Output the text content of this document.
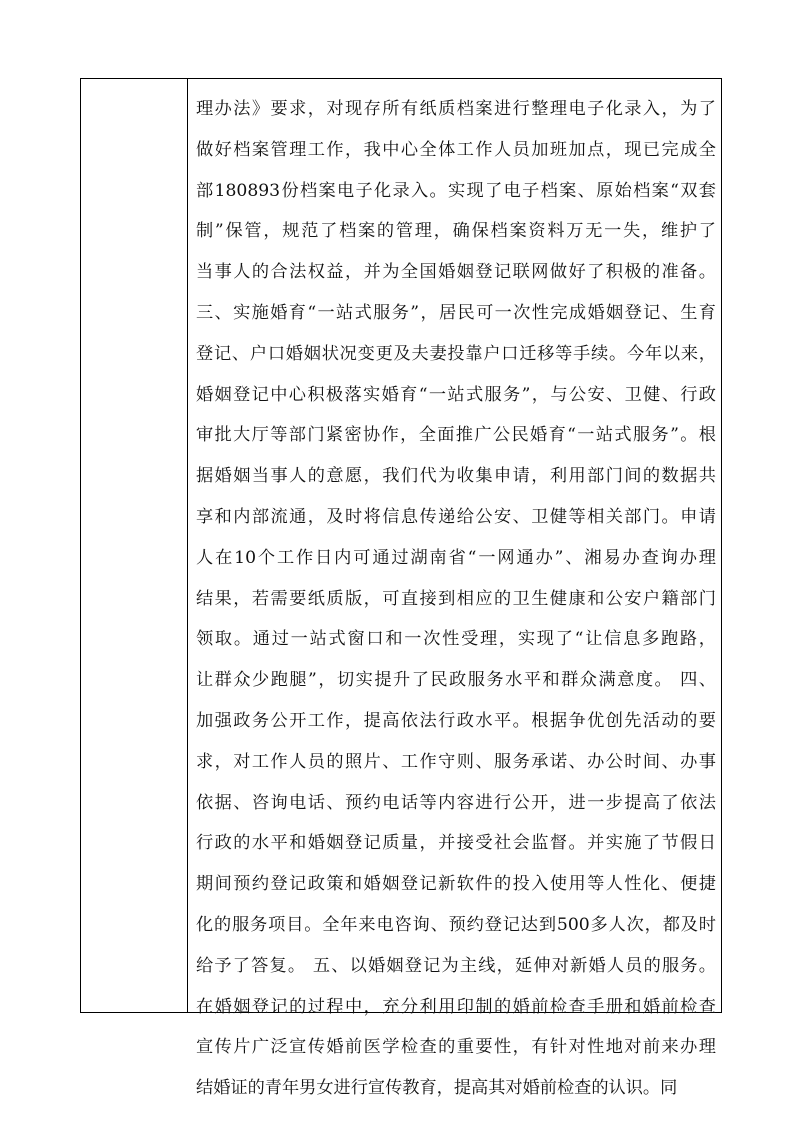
理办法》要求，对现存所有纸质档案进行整理电子化录入，为了
做好档案管理工作，我中心全体工作人员加班加点，现已完成全
部180893份档案电子化录入。实现了电子档案、原始档案“双套
制”保管，规范了档案的管理，确保档案资料万无一失，维护了
当事人的合法权益，并为全国婚姻登记联网做好了积极的准备。
三、实施婚育“一站式服务”，居民可一次性完成婚姻登记、生育
登记、户口婚姻状况变更及夫妻投靠户口迁移等手续。今年以来，
婚姻登记中心积极落实婚育“一站式服务”，与公安、卫健、行政
审批大厅等部门紧密协作，全面推广公民婚育“一站式服务”。根
据婚姻当事人的意愿，我们代为收集申请，利用部门间的数据共
享和内部流通，及时将信息传递给公安、卫健等相关部门。申请
人在10个工作日内可通过湖南省“一网通办”、湘易办查询办理
结果，若需要纸质版，可直接到相应的卫生健康和公安户籍部门
领取。通过一站式窗口和一次性受理，实现了“让信息多跑路，
让群众少跑腿”，切实提升了民政服务水平和群众满意度。 四、
加强政务公开工作，提高依法行政水平。根据争优创先活动的要
求，对工作人员的照片、工作守则、服务承诺、办公时间、办事
依据、咨询电话、预约电话等内容进行公开，进一步提高了依法
行政的水平和婚姻登记质量，并接受社会监督。并实施了节假日
期间预约登记政策和婚姻登记新软件的投入使用等人性化、便捷
化的服务项目。全年来电咨询、预约登记达到500多人次，都及时
给予了答复。 五、以婚姻登记为主线，延伸对新婚人员的服务。
在婚姻登记的过程中，充分利用印制的婚前检查手册和婚前检查
宣传片广泛宣传婚前医学检查的重要性，有针对性地对前来办理
结婚证的青年男女进行宣传教育，提高其对婚前检查的认识。同
